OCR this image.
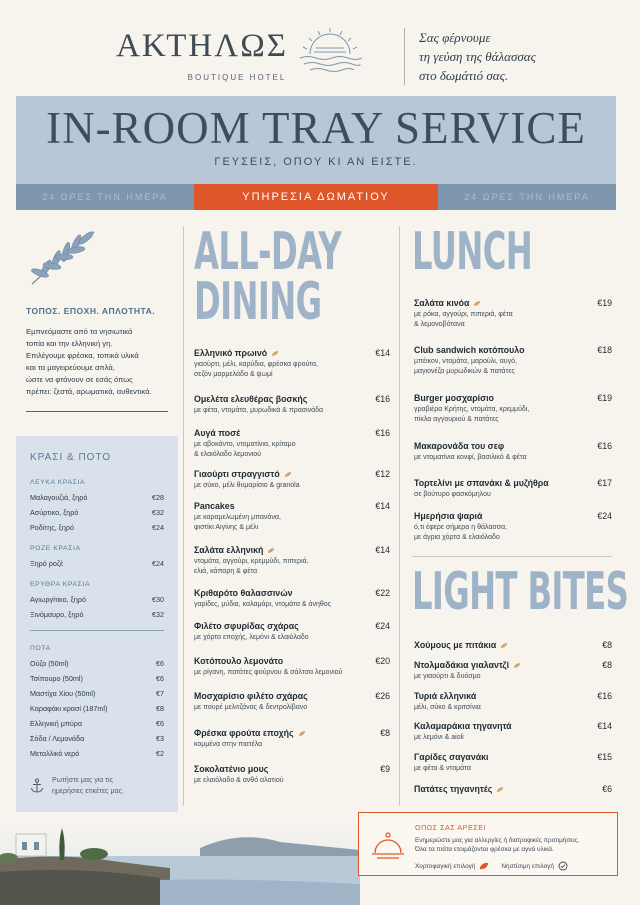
ΑΚΤΗΛΩΣ
BOUTIQUE HOTEL
Σας φέρνουμε
τη γεύση της θάλασσας
στο δωμάτιό σας.
IN-ROOM TRAY SERVICE
ΓΕΥΣΕΙΣ, ΟΠΟΥ ΚΙ ΑΝ ΕΙΣΤΕ.
24 ΩΡΕΣ ΤΗΝ ΗΜΕΡΑ	ΥΠΗΡΕΣΙΑ ΔΩΜΑΤΙΟΥ	24 ΩΡΕΣ ΤΗΝ ΗΜΕΡΑ
ΤΟΠΟΣ. ΕΠΟΧΗ. ΑΠΛΟΤΗΤΑ.
Εμπνεόμαστε από τα νησιωτικά
τοπία και την ελληνική γη.
Επιλέγουμε φρέσκα, τοπικά υλικά
και τα μαγειρεύουμε απλά,
ώστε να φτάνουν σε εσάς όπως
πρέπει: ζεστά, αρωματικά, αυθεντικά.
ΚΡΑΣΙ & ΠΟΤΟ
ΛΕΥΚΑ ΚΡΑΣΙΑ
Μαλαγουζιά, ξηρό	€28
Ασύρτικο, ξηρό	€32
Ροδίτης, ξηρό	€24
ΡΟΖΕ ΚΡΑΣΙΑ
Ξηρό ροζέ	€24
ΕΡΥΘΡΑ ΚΡΑΣΙΑ
Αγιωργίτικο, ξηρό	€30
Ξινόμαυρο, ξηρό	€32
ΠΟΤΑ
Ούζο (50ml)	€6
Τσίπουρο (50ml)	€6
Μαστίχα Χίου (50ml)	€7
Καραφάκι κρασί (187ml)	€8
Ελληνική μπύρα	€6
Σόδα / Λεμονάδα	€3
Μεταλλικό νερό	€2
Ρωτήστε μας για τις
ημερήσιες ετικέτες μας.
ALL-DAY
DINING
Ελληνικό πρωινό	€14
γιαούρτι, μέλι, καρύδια, φρέσκα φρούτα,
σεζόν μαρμελάδα & ψωμί
Ομελέτα ελευθέρας βοσκής	€16
με φέτα, ντομάτα, μυρωδικά & πρασινάδα
Αυγά ποσέ	€16
με αβοκάντο, ντοματίνια, κρίταμο
& ελαιόλαδο λεμονιού
Γιαούρτι στραγγιστό	€12
με σύκο, μέλι θυμαρίσιο & granola
Pancakes	€14
με καραμελωμένη μπανάνα,
φιστίκι Αιγίνης & μέλι
Σαλάτα ελληνική	€14
ντομάτα, αγγούρι, κρεμμύδι, πιπεριά,
ελιά, κάπαρη & φέτα
Κριθαρότο θαλασσινών	€22
γαρίδες, μύδια, καλαμάρι, ντομάτα & άνηθος
Φιλέτο σφυρίδας σχάρας	€24
με χόρτα εποχής, λεμόνι & ελαιόλαδο
Κοτόπουλο λεμονάτο	€20
με ρίγανη, πατάτες φούρνου & σάλτσα λεμονιού
Μοσχαρίσιο φιλέτο σχάρας	€26
με πουρέ μελιτζάνας & δεντρολίβανο
Φρέσκα φρούτα εποχής	€8
κομμένα στην πιατέλα
Σοκολατένιο μους	€9
με ελαιόλαδο & ανθό αλατιού
LUNCH
Σαλάτα κινόα	€19
με ρόκα, αγγούρι, πιπεριά, φέτα
& λεμονοβότανα
Club sandwich κοτόπουλο	€18
μπέικον, ντομάτα, μαρούλι, αυγό,
μαγιονέζα μυρωδικών & πατάτες
Burger μοσχαρίσιο	€19
γραβιέρα Κρήτης, ντομάτα, κρεμμύδι,
πίκλα αγγουριού & πατάτες
Μακαρονάδα του σεφ	€16
με ντοματίνια κονφί, βασιλικό & φέτα
Τορτελίνι με σπανάκι & μυζήθρα	€17
σε βούτυρο φασκόμηλου
Ημερήσια ψαριά	€24
ό,τι έφερε σήμερα η θάλασσα,
με άγρια χόρτα & ελαιόλαδο
LIGHT BITES
Χούμους με πιτάκια	€8
Ντολμαδάκια γιαλαντζί	€8
με γιαούρτι & δυόσμο
Τυριά ελληνικά	€16
μέλι, σύκο & κριτσίνια
Καλαμαράκια τηγανητά	€14
με λεμόνι & aioli
Γαρίδες σαγανάκι	€15
με φέτα & ντομάτα
Πατάτες τηγανητές	€6
ΟΠΩΣ ΣΑΣ ΑΡΕΣΕΙ
Ενημερώστε μας για αλλεργίες ή διατροφικές προτιμήσεις.
Όλα τα πιάτα ετοιμάζονται φρέσκα με αγνά υλικά.
Χορτοφαγική επιλογή	Νηστίσιμη επιλογή
